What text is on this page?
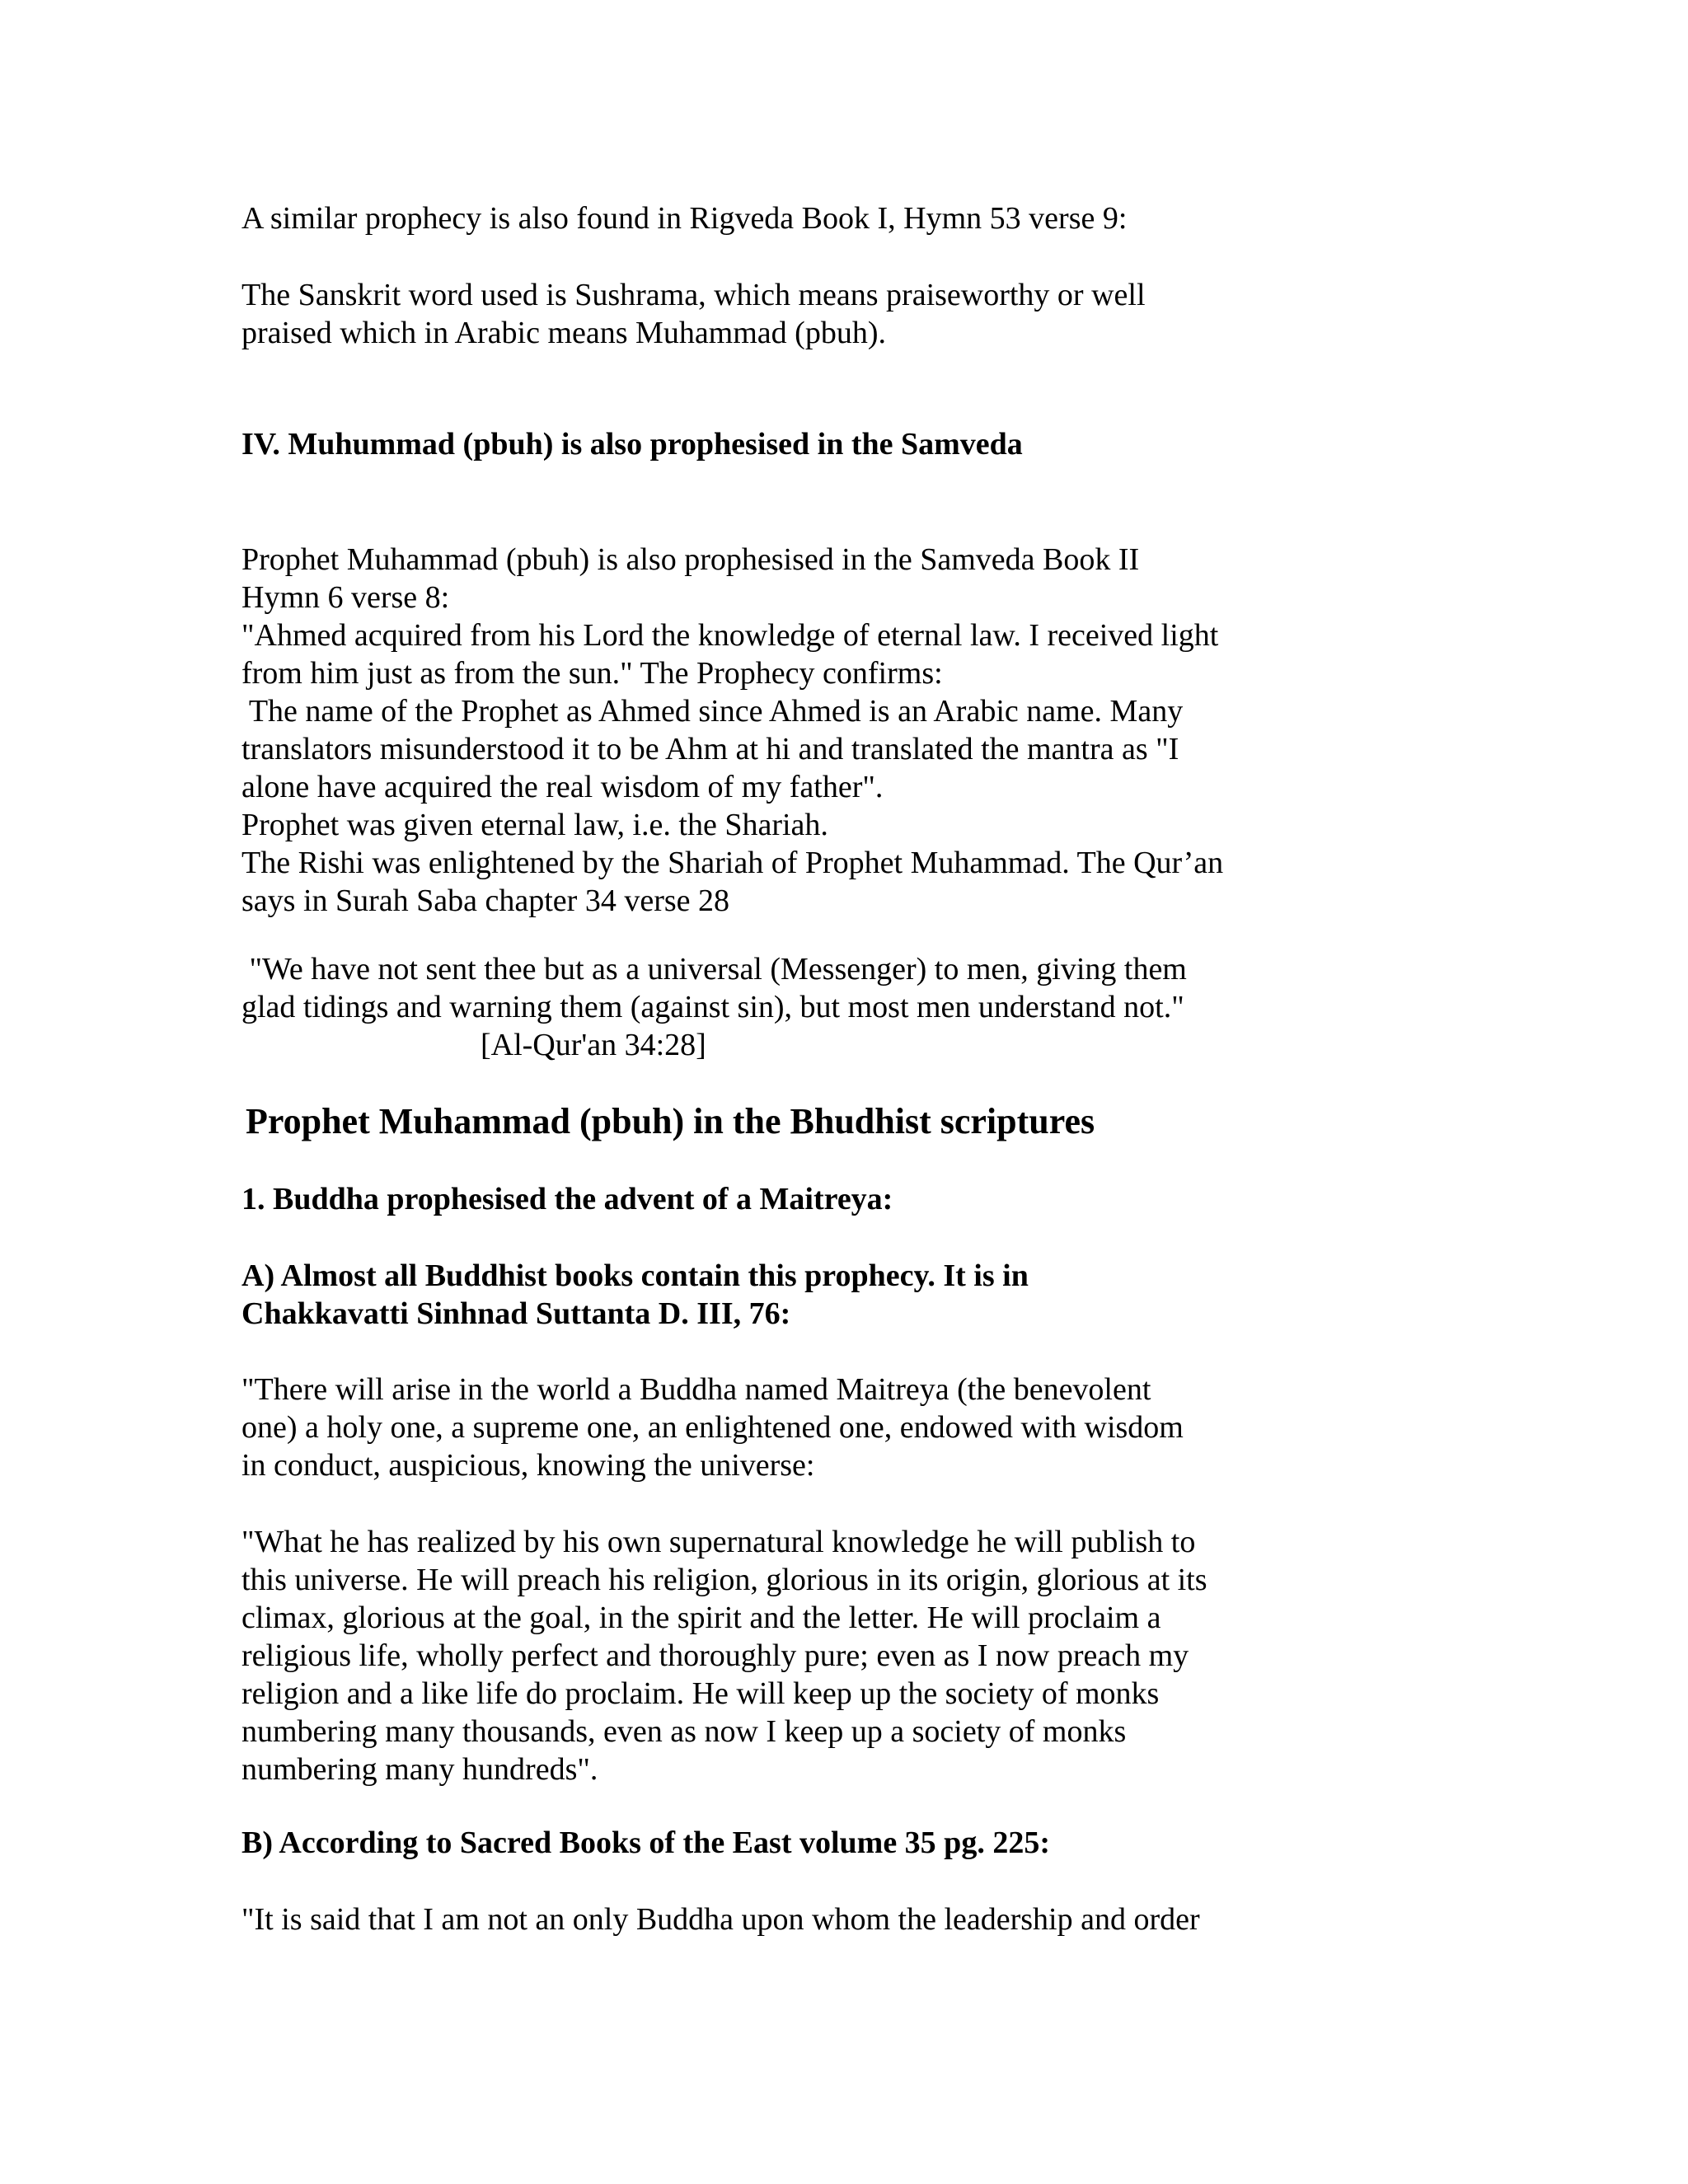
A similar prophecy is also found in Rigveda Book I, Hymn 53 verse 9:

The Sanskrit word used is Sushrama, which means praiseworthy or well

praised which in Arabic means Muhammad (pbuh).

IV. Muhummad (pbuh) is also prophesised in the Samveda

Prophet Muhammad (pbuh) is also prophesised in the Samveda Book II

Hymn 6 verse 8:

"Ahmed acquired from his Lord the knowledge of eternal law. I received light

from him just as from the sun." The Prophecy confirms:

The name of the Prophet as Ahmed since Ahmed is an Arabic name. Many

translators misunderstood it to be Ahm at hi and translated the mantra as "I

alone have acquired the real wisdom of my father".

Prophet was given eternal law, i.e. the Shariah.

The Rishi was enlightened by the Shariah of Prophet Muhammad. The Qur’an

says in Surah Saba chapter 34 verse 28

"We have not sent thee but as a universal (Messenger) to men, giving them

glad tidings and warning them (against sin), but most men understand not."

[Al-Qur'an 34:28]

Prophet Muhammad (pbuh) in the Bhudhist scriptures

1. Buddha prophesised the advent of a Maitreya:

A) Almost all Buddhist books contain this prophecy. It is in

Chakkavatti Sinhnad Suttanta D. III, 76:

"There will arise in the world a Buddha named Maitreya (the benevolent

one) a holy one, a supreme one, an enlightened one, endowed with wisdom

in conduct, auspicious, knowing the universe:

"What he has realized by his own supernatural knowledge he will publish to

this universe. He will preach his religion, glorious in its origin, glorious at its

climax, glorious at the goal, in the spirit and the letter. He will proclaim a

religious life, wholly perfect and thoroughly pure; even as I now preach my

religion and a like life do proclaim. He will keep up the society of monks

numbering many thousands, even as now I keep up a society of monks

numbering many hundreds".

B) According to Sacred Books of the East volume 35 pg. 225:

"It is said that I am not an only Buddha upon whom the leadership and order
